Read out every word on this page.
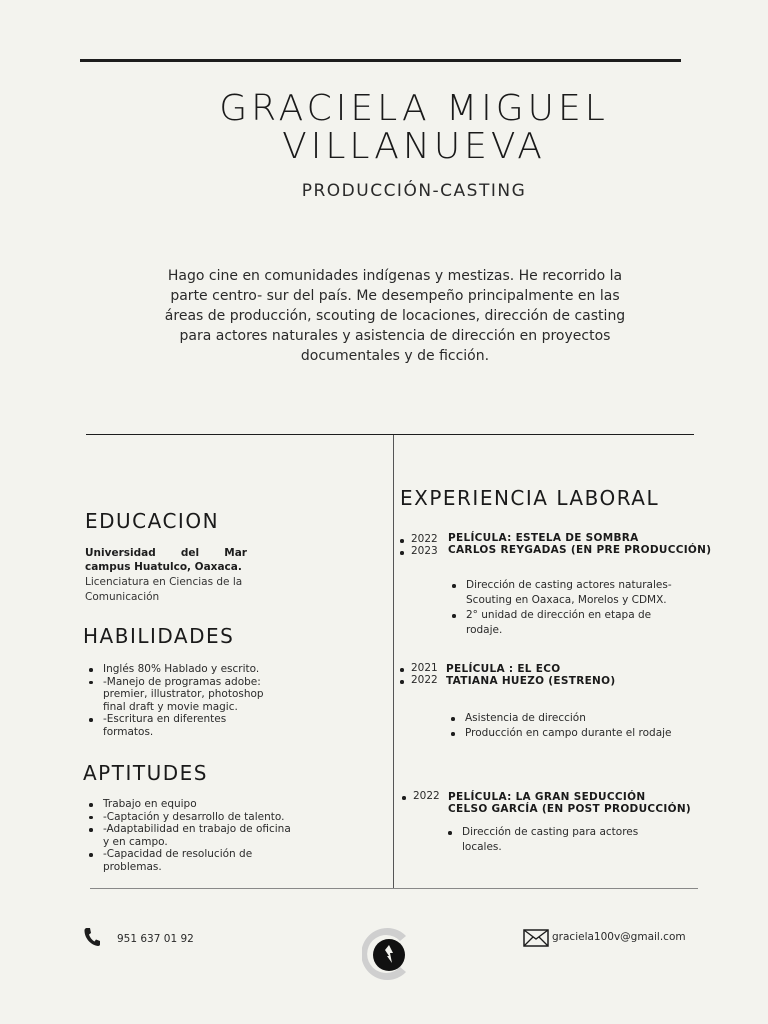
GRACIELA MIGUEL
VILLANUEVA
PRODUCCIÓN-CASTING
Hago cine en comunidades indígenas y mestizas. He recorrido la
parte centro- sur del país. Me desempeño principalmente en las
áreas de producción, scouting de locaciones, dirección de casting
para actores naturales y asistencia de dirección en proyectos
documentales y de ficción.
EDUCACION
Universidad del Mar
campus Huatulco, Oaxaca.
Licenciatura en Ciencias de la
Comunicación
HABILIDADES
Inglés 80% Hablado y escrito.
-Manejo de programas adobe:
premier, illustrator, photoshop
final draft y movie magic.
-Escritura en diferentes
formatos.
APTITUDES
Trabajo en equipo
-Captación y desarrollo de talento.
-Adaptabilidad en trabajo de oficina
y en campo.
-Capacidad de resolución de
problemas.
EXPERIENCIA LABORAL
2022
2023
PELÍCULA: ESTELA DE SOMBRA
CARLOS REYGADAS (EN PRE PRODUCCIÓN)
Dirección de casting actores naturales-
Scouting en Oaxaca, Morelos y CDMX.
2° unidad de dirección en etapa de
rodaje.
2021
2022
PELÍCULA : EL ECO
TATIANA HUEZO (ESTRENO)
Asistencia de dirección
Producción en campo durante el rodaje
2022 PELÍCULA: LA GRAN SEDUCCIÓN
CELSO GARCÍA (EN POST PRODUCCIÓN)
Dirección de casting para actores
locales.
951 637 01 92	graciela100v@gmail.com
